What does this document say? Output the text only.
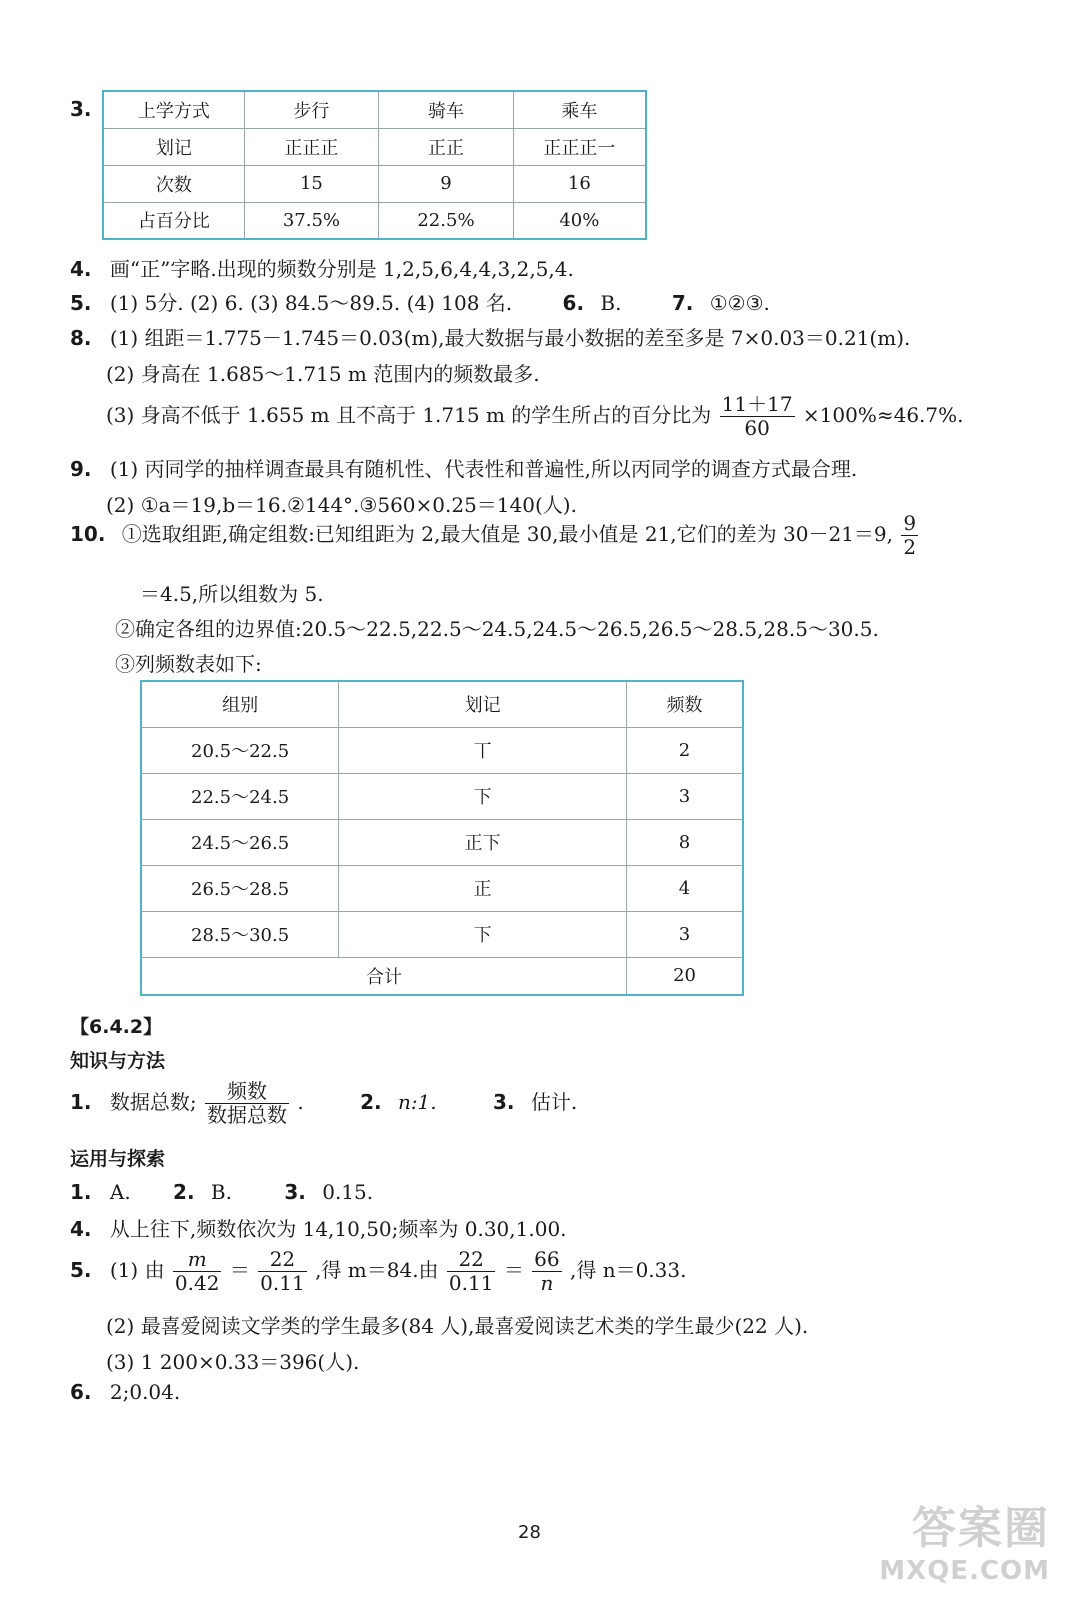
3.	上学方式	步行	骑车	乘车
划记	正正正	正正	正正正一
次数	15	9	16
占百分比	37.5%	22.5%	40%
4. 画“正”字略.出现的频数分别是 1,2,5,6,4,4,3,2,5,4.
5. (1) 5分. (2) 6. (3) 84.5～89.5. (4) 108 名.	6. B.	7. ①②③.
8. (1) 组距＝1.775－1.745＝0.03(m),最大数据与最小数据的差至多是 7×0.03＝0.21(m).
(2) 身高在 1.685～1.715 m 范围内的频数最多.
(3) 身高不低于 1.655 m 且不高于 1.715 m 的学生所占的百分比为 $\frac{11+17}{60} \times 100\%\approx 46.7\%$.
9. (1) 丙同学的抽样调查最具有随机性、代表性和普遍性,所以丙同学的调查方式最合理.
(2) ①a＝19,b＝16.②144°.③560×0.25＝140(人).
10. ①选取组距,确定组数:已知组距为 2,最大值是 30,最小值是 21,它们的差为 30－21＝9, $\frac{9}{2}$
＝4.5,所以组数为 5.
②确定各组的边界值:20.5～22.5,22.5～24.5,24.5～26.5,26.5～28.5,28.5～30.5.
③列频数表如下:
组别	划记	频数
20.5～22.5	丅	2
22.5～24.5	下	3
24.5～26.5	正下	8
26.5～28.5	正	4
28.5～30.5	下	3
合计		20
【6.4.2】
知识与方法
1. 数据总数; $\frac{\text{频数}}{\text{数据总数}}$ .	2. n:1.	3. 估计.
运用与探索
1. A. 2. B.	3. 0.15.
4. 从上往下,频数依次为 14,10,50;频率为 0.30,1.00.
5. (1) 由 $\frac{m}{0.42} = \frac{22}{0.11}$ ,得 m＝84.由 $\frac{22}{0.11} = \frac{66}{n}$ ,得 n＝0.33.
(2) 最喜爱阅读文学类的学生最多(84 人),最喜爱阅读艺术类的学生最少(22 人).
(3) 1 200×0.33＝396(人).
6. 2;0.04.
28	答案圈
MXQE.COM
